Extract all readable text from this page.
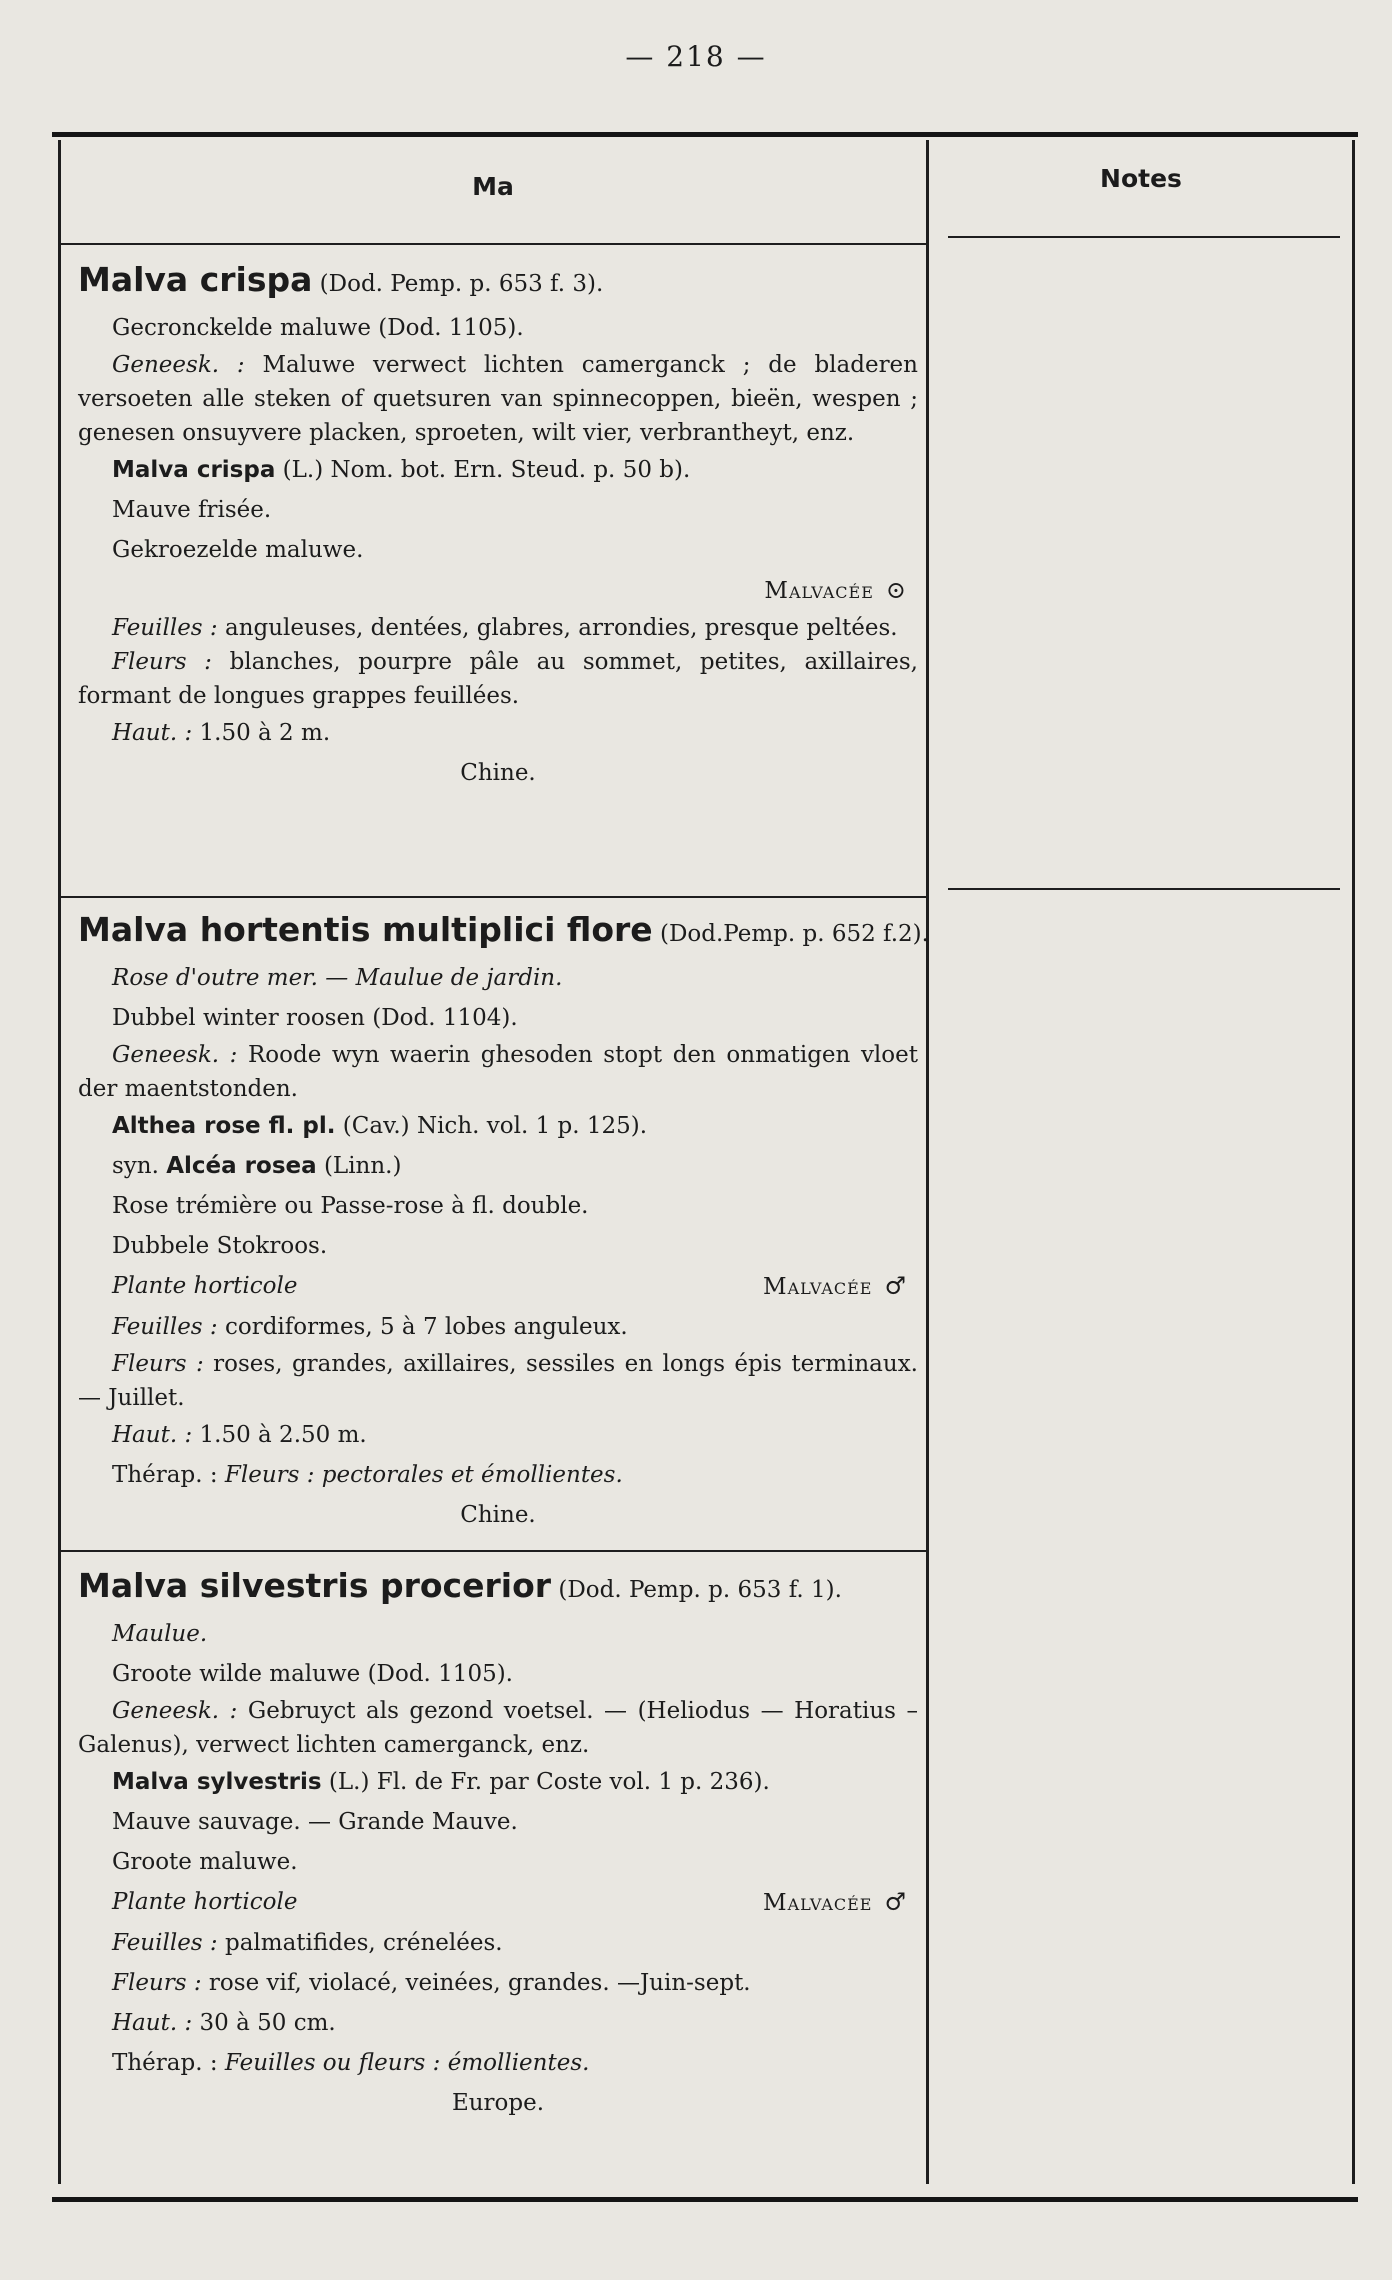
— 218 —
Ma	Notes
Malva crispa (Dod. Pemp. p. 653 f. 3).
Gecronckelde maluwe (Dod. 1105).
Geneesk. : Maluwe verwect lichten camerganck ; de bladeren versoeten alle steken of quetsuren van spinnecoppen, bieën, wespen ; genesen onsuyvere placken, sproeten, wilt vier, verbrantheyt, enz.
Malva crispa (L.) Nom. bot. Ern. Steud. p. 50 b).
Mauve frisée.
Gekroezelde maluwe.
Malvacée ⊙
Feuilles : anguleuses, dentées, glabres, arrondies, presque peltées.
Fleurs : blanches, pourpre pâle au sommet, petites, axillaires, formant de longues grappes feuillées.
Haut. : 1.50 à 2 m.
Chine.
Malva hortentis multiplici flore (Dod.Pemp. p. 652 f.2).
Rose d'outre mer. — Maulue de jardin.
Dubbel winter roosen (Dod. 1104).
Geneesk. : Roode wyn waerin ghesoden stopt den onmatigen vloet der maentstonden.
Althea rose fl. pl. (Cav.) Nich. vol. 1 p. 125).
syn. Alcéa rosea (Linn.)
Rose trémière ou Passe-rose à fl. double.
Dubbele Stokroos.
Plante horticole	Malvacée ♂
Feuilles : cordiformes, 5 à 7 lobes anguleux.
Fleurs : roses, grandes, axillaires, sessiles en longs épis terminaux. — Juillet.
Haut. : 1.50 à 2.50 m.
Thérap. : Fleurs : pectorales et émollientes.
Chine.
Malva silvestris procerior (Dod. Pemp. p. 653 f. 1).
Maulue.
Groote wilde maluwe (Dod. 1105).
Geneesk. : Gebruyct als gezond voetsel. — (Heliodus — Horatius – Galenus), verwect lichten camerganck, enz.
Malva sylvestris (L.) Fl. de Fr. par Coste vol. 1 p. 236).
Mauve sauvage. — Grande Mauve.
Groote maluwe.
Plante horticole	Malvacée ♂
Feuilles : palmatifides, crénelées.
Fleurs : rose vif, violacé, veinées, grandes. —Juin-sept.
Haut. : 30 à 50 cm.
Thérap. : Feuilles ou fleurs : émollientes.
Europe.
